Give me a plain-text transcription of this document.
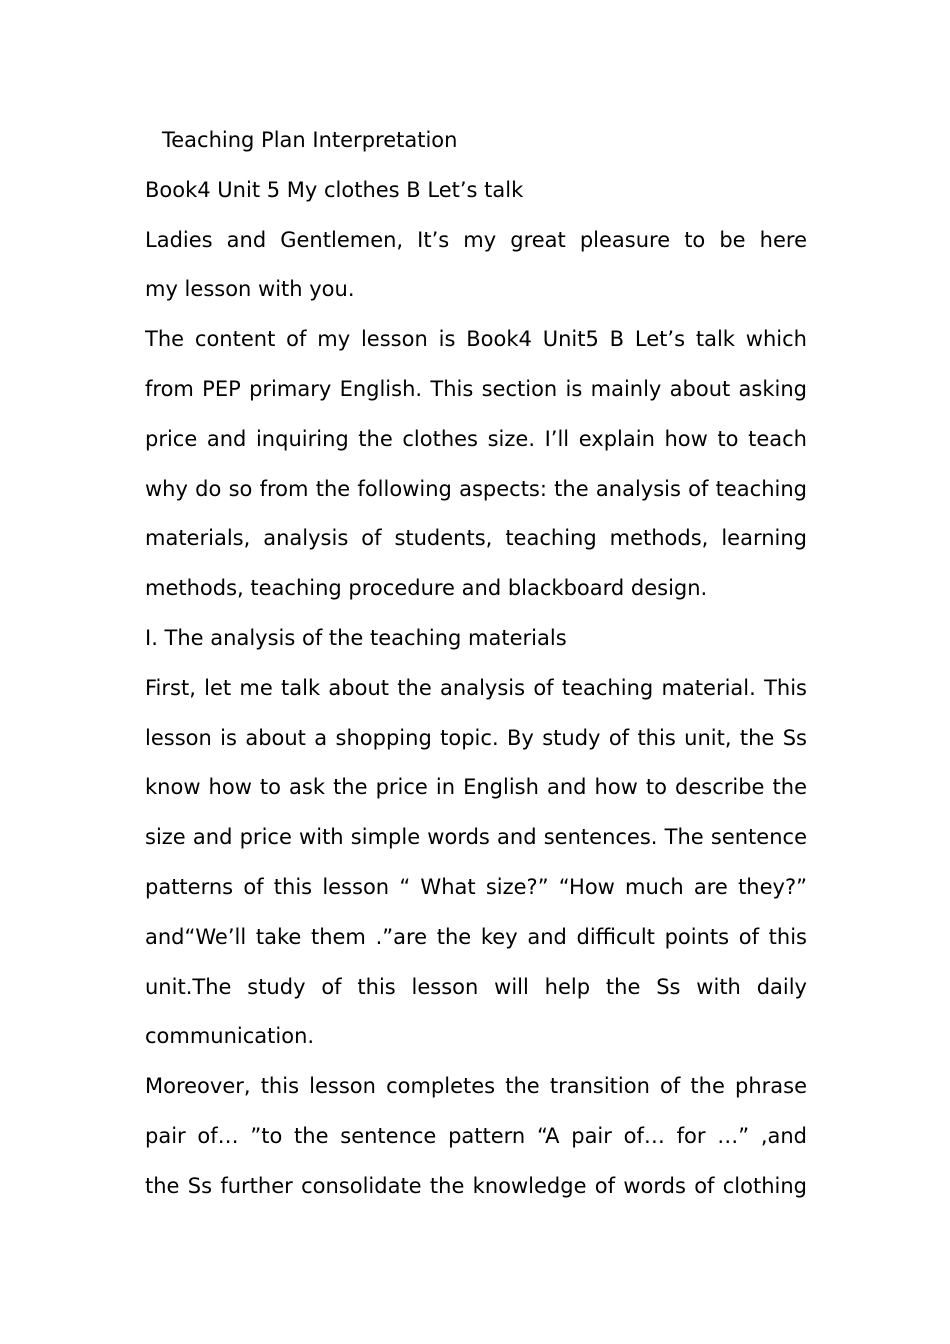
Teaching Plan Interpretation
Book4 Unit 5 My clothes B Let’s talk
Ladies and Gentlemen, It’s my great pleasure to be here
my lesson with you.
The content of my lesson is Book4 Unit5 B Let’s talk which
from PEP primary English. This section is mainly about asking
price and inquiring the clothes size. I’ll explain how to teach
why do so from the following aspects: the analysis of teaching
materials, analysis of students, teaching methods, learning
methods, teaching procedure and blackboard design.
I. The analysis of the teaching materials
First, let me talk about the analysis of teaching material. This
lesson is about a shopping topic. By study of this unit, the Ss
know how to ask the price in English and how to describe the
size and price with simple words and sentences. The sentence
patterns of this lesson “ What size?” “How much are they?”
and“We’ll take them .”are the key and difficult points of this
unit.The study of this lesson will help the Ss with daily
communication.
Moreover, this lesson completes the transition of the phrase
pair of… ”to the sentence pattern “A pair of… for …” ,and
the Ss further consolidate the knowledge of words of clothing
